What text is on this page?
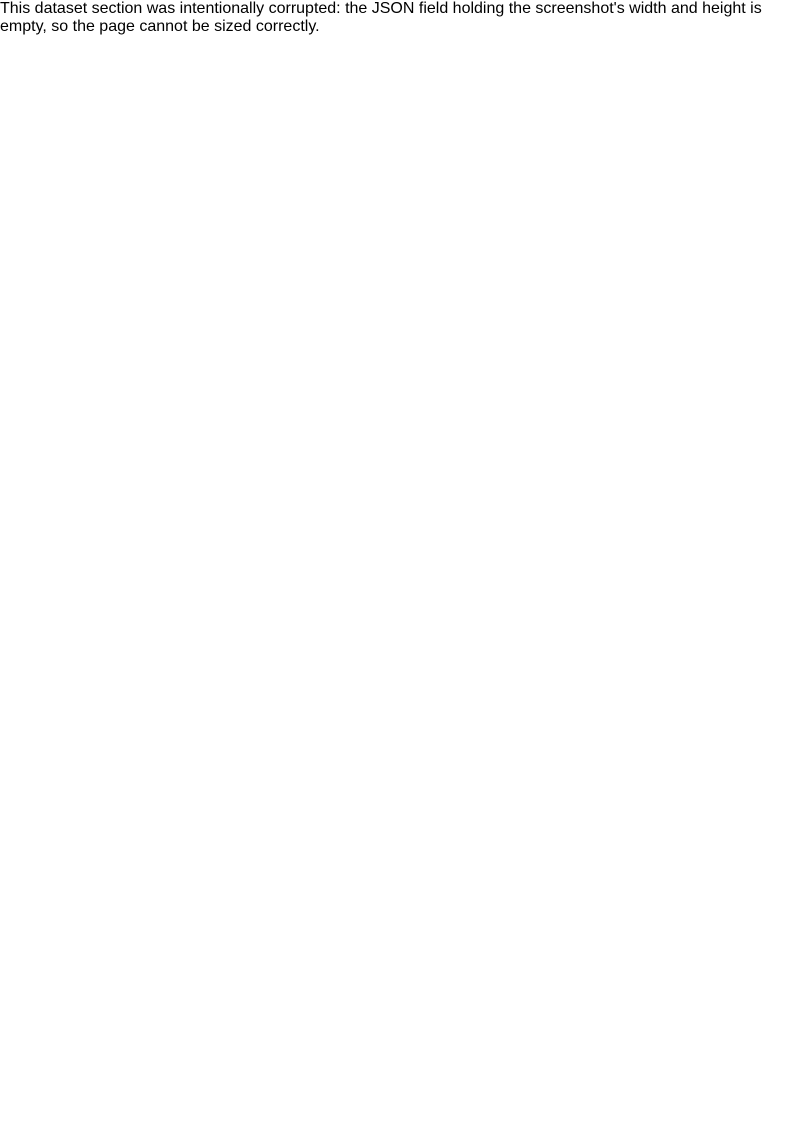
This dataset section was intentionally corrupted: the JSON field holding the screenshot's width and height is empty, so the page cannot be sized correctly.
